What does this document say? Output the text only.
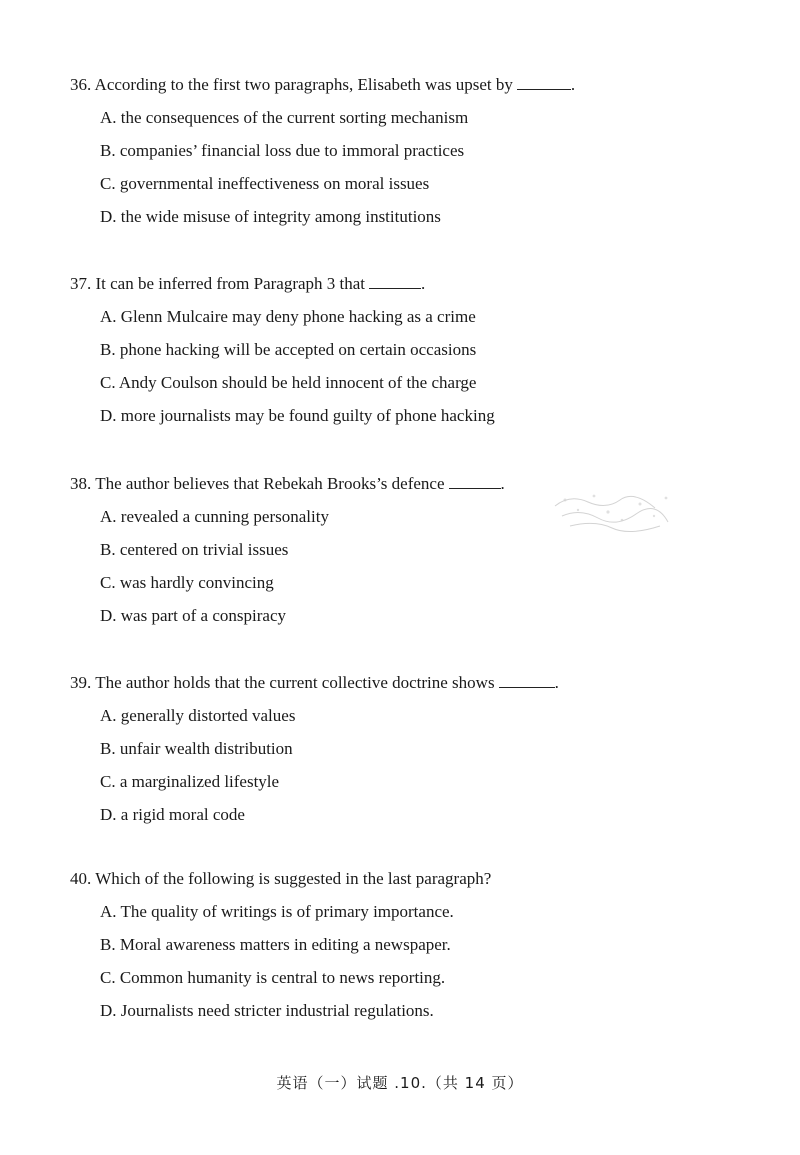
36. According to the first two paragraphs, Elisabeth was upset by	.
A. the consequences of the current sorting mechanism
B. companies’ financial loss due to immoral practices
C. governmental ineffectiveness on moral issues
D. the wide misuse of integrity among institutions
37. It can be inferred from Paragraph 3 that	.
A. Glenn Mulcaire may deny phone hacking as a crime
B. phone hacking will be accepted on certain occasions
C. Andy Coulson should be held innocent of the charge
D. more journalists may be found guilty of phone hacking
38. The author believes that Rebekah Brooks’s defence	.
A. revealed a cunning personality
B. centered on trivial issues
C. was hardly convincing
D. was part of a conspiracy
39. The author holds that the current collective doctrine shows	.
A. generally distorted values
B. unfair wealth distribution
C. a marginalized lifestyle
D. a rigid moral code
40. Which of the following is suggested in the last paragraph?
A. The quality of writings is of primary importance.
B. Moral awareness matters in editing a newspaper.
C. Common humanity is central to news reporting.
D. Journalists need stricter industrial regulations.
英语（一）试题 .10.（共 14 页）
